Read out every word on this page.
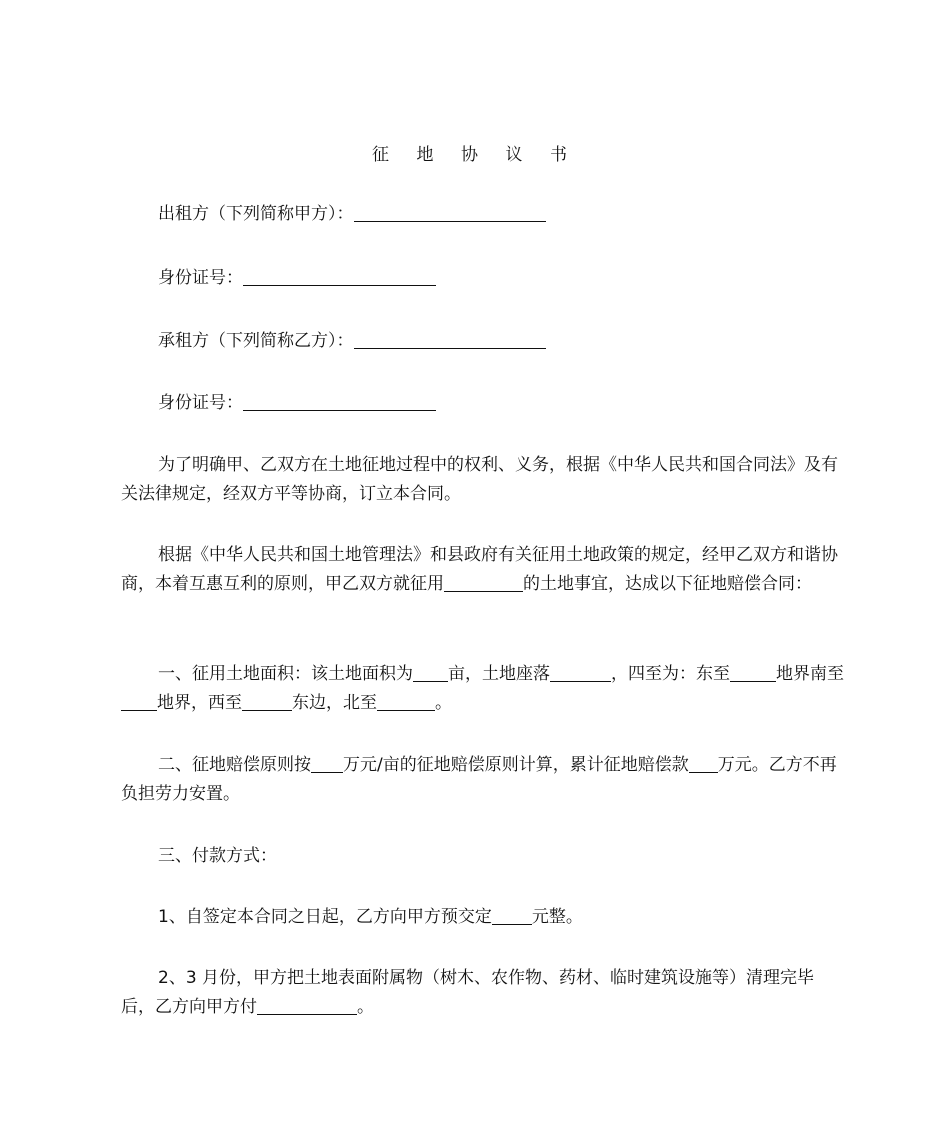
征 地 协 议 书
出租方（下列简称甲方）：
身份证号：
承租方（下列简称乙方）：
身份证号：
为了明确甲、乙双方在土地征地过程中的权利、义务，根据《中华人民共和国合同法》及有关法律规定，经双方平等协商，订立本合同。
根据《中华人民共和国土地管理法》和县政府有关征用土地政策的规定，经甲乙双方和谐协商，本着互惠互利的原则，甲乙双方就征用	的土地事宜，达成以下征地赔偿合同：
一、征用土地面积：该土地面积为 亩，土地座落	，四至为：东至	地界南至地界，西至	东边，北至	。
二、征地赔偿原则按 万元/亩的征地赔偿原则计算，累计征地赔偿款 万元。乙方不再负担劳力安置。
三、付款方式：
1、自签定本合同之日起，乙方向甲方预交定 元整。
2、3 月份，甲方把土地表面附属物（树木、农作物、药材、临时建筑设施等）清理完毕后，乙方向甲方付	。
